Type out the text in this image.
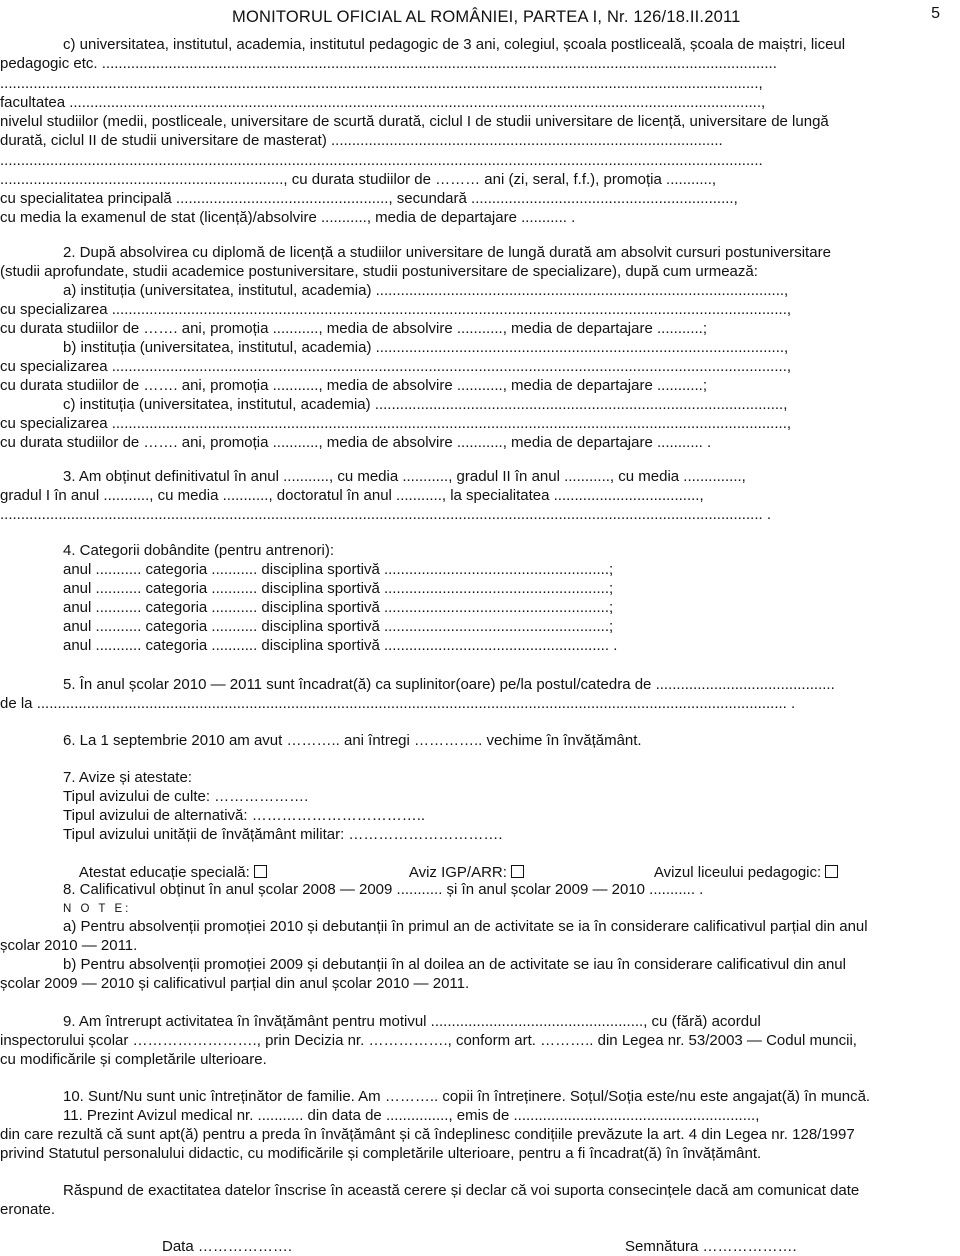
MONITORUL OFICIAL AL ROMÂNIEI, PARTEA I, Nr. 126/18.II.2011	5
c) universitatea, institutul, academia, institutul pedagogic de 3 ani, colegiul, școala postliceală, școala de maiștri, liceul
pedagogic etc. ..................................................................................................................................................................
......................................................................................................................................................................................,
facultatea ......................................................................................................................................................................,
nivelul studiilor (medii, postliceale, universitare de scurtă durată, ciclul I de studii universitare de licență, universitare de lungă
durată, ciclul II de studii universitare de masterat) ..............................................................................................
.......................................................................................................................................................................................
...................................................................., cu durata studiilor de ……… ani (zi, seral, f.f.), promoția ...........,
cu specialitatea principală ..................................................., secundară ...............................................................,
cu media la examenul de stat (licență)/absolvire ..........., media de departajare ........... .
2. După absolvirea cu diplomă de licență a studiilor universitare de lungă durată am absolvit cursuri postuniversitare
(studii aprofundate, studii academice postuniversitare, studii postuniversitare de specializare), după cum urmează:
a) instituția (universitatea, institutul, academia) ..................................................................................................,
cu specializarea ..................................................................................................................................................................,
cu durata studiilor de ……. ani, promoția ..........., media de absolvire ..........., media de departajare ...........;
b) instituția (universitatea, institutul, academia) ..................................................................................................,
cu specializarea ..................................................................................................................................................................,
cu durata studiilor de ……. ani, promoția ..........., media de absolvire ..........., media de departajare ...........;
c) instituția (universitatea, institutul, academia) ..................................................................................................,
cu specializarea ..................................................................................................................................................................,
cu durata studiilor de ……. ani, promoția ..........., media de absolvire ..........., media de departajare ........... .
3. Am obținut definitivatul în anul ..........., cu media ..........., gradul II în anul ..........., cu media ..............,
gradul I în anul ..........., cu media ..........., doctoratul în anul ..........., la specialitatea ...................................,
....................................................................................................................................................................................... .
4. Categorii dobândite (pentru antrenori):
anul ........... categoria ........... disciplina sportivă ......................................................;
anul ........... categoria ........... disciplina sportivă ......................................................;
anul ........... categoria ........... disciplina sportivă ......................................................;
anul ........... categoria ........... disciplina sportivă ......................................................;
anul ........... categoria ........... disciplina sportivă ...................................................... .
5. În anul școlar 2010 — 2011 sunt încadrat(ă) ca suplinitor(oare) pe/la postul/catedra de ...........................................
de la .................................................................................................................................................................................... .
6. La 1 septembrie 2010 am avut ……….. ani întregi ………….. vechime în învățământ.
7. Avize și atestate:
Tipul avizului de culte: ……………….
Tipul avizului de alternativă: ……………………………..
Tipul avizului unității de învățământ militar: ………………………….

Atestat educație specială:
	Aviz IGP/ARR:
	Avizul liceului pedagogic:

8. Calificativul obținut în anul școlar 2008 — 2009 ........... și în anul școlar 2009 — 2010 ........... .
N O T E:
a) Pentru absolvenții promoției 2010 și debutanții în primul an de activitate se ia în considerare calificativul parțial din anul
școlar 2010 — 2011.
b) Pentru absolvenții promoției 2009 și debutanții în al doilea an de activitate se iau în considerare calificativul din anul
școlar 2009 — 2010 și calificativul parțial din anul școlar 2010 — 2011.
9. Am întrerupt activitatea în învățământ pentru motivul ..................................................., cu (fără) acordul
inspectorului școlar ……………………., prin Decizia nr. ……………., conform art. ……….. din Legea nr. 53/2003 — Codul muncii,
cu modificările și completările ulterioare.
10. Sunt/Nu sunt unic întreținător de familie. Am ……….. copii în întreținere. Soțul/Soția este/nu este angajat(ă) în muncă.
11. Prezint Avizul medical nr. ........... din data de ..............., emis de ..........................................................,
din care rezultă că sunt apt(ă) pentru a preda în învățământ și că îndeplinesc condițiile prevăzute la art. 4 din Legea nr. 128/1997
privind Statutul personalului didactic, cu modificările și completările ulterioare, pentru a fi încadrat(ă) în învățământ.
Răspund de exactitatea datelor înscrise în această cerere și declar că voi suporta consecințele dacă am comunicat date
eronate.
Data ……………….	Semnătura ……………….
